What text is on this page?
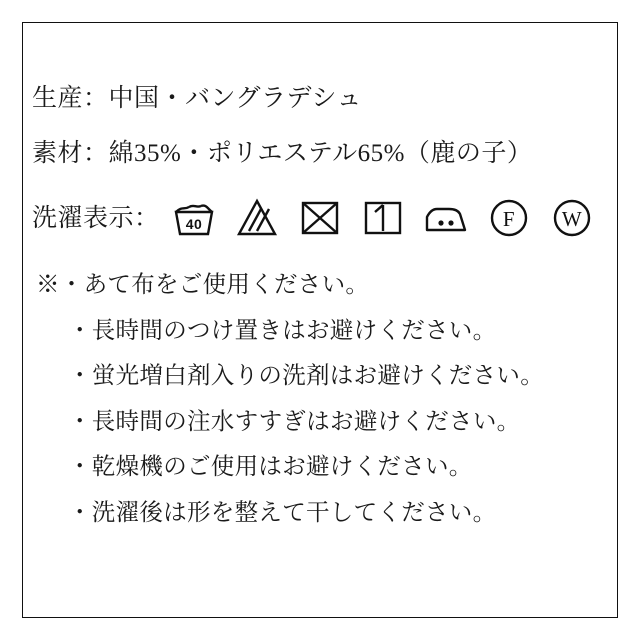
生産：中国・バングラデシュ
素材：綿35%・ポリエステル65%（鹿の子）
洗濯表示： 40	F W
※・あて布をご使用ください。
・長時間のつけ置きはお避けください。
・蛍光増白剤入りの洗剤はお避けください。
・長時間の注水すすぎはお避けください。
・乾燥機のご使用はお避けください。
・洗濯後は形を整えて干してください。
